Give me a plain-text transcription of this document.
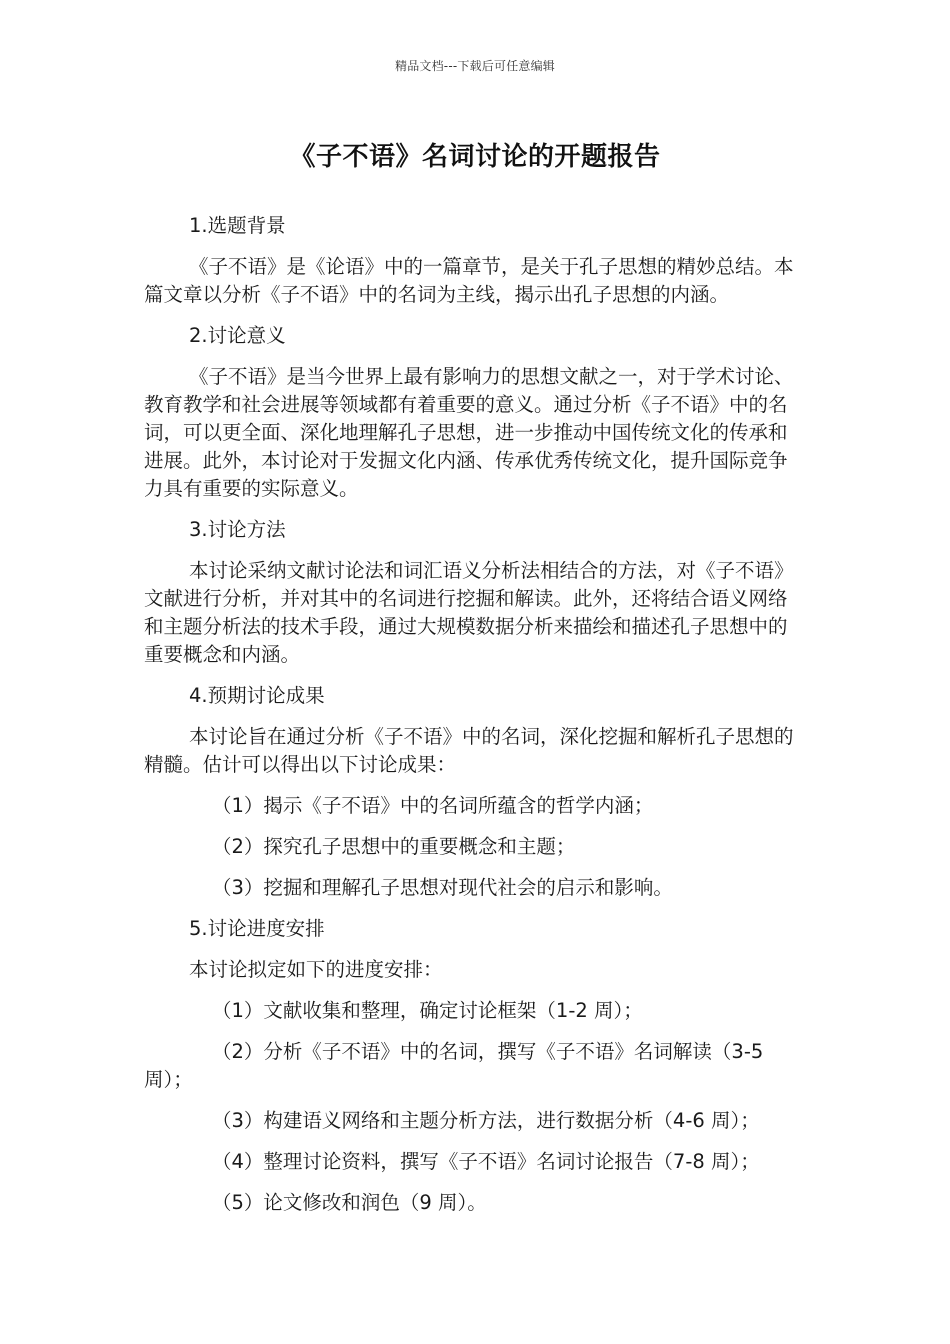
精品文档---下载后可任意编辑
《子不语》名词讨论的开题报告

1.选题背景

《子不语》是《论语》中的一篇章节，是关于孔子思想的精妙总结。本篇文章以分析《子不语》中的名词为主线，揭示出孔子思想的内涵。

2.讨论意义

《子不语》是当今世界上最有影响力的思想文献之一，对于学术讨论、教育教学和社会进展等领域都有着重要的意义。通过分析《子不语》中的名词，可以更全面、深化地理解孔子思想，进一步推动中国传统文化的传承和进展。此外，本讨论对于发掘文化内涵、传承优秀传统文化，提升国际竞争力具有重要的实际意义。

3.讨论方法

本讨论采纳文献讨论法和词汇语义分析法相结合的方法，对《子不语》文献进行分析，并对其中的名词进行挖掘和解读。此外，还将结合语义网络和主题分析法的技术手段，通过大规模数据分析来描绘和描述孔子思想中的重要概念和内涵。

4.预期讨论成果

本讨论旨在通过分析《子不语》中的名词，深化挖掘和解析孔子思想的精髓。估计可以得出以下讨论成果：

（1）揭示《子不语》中的名词所蕴含的哲学内涵；

（2）探究孔子思想中的重要概念和主题；

（3）挖掘和理解孔子思想对现代社会的启示和影响。

5.讨论进度安排

本讨论拟定如下的进度安排：

（1）文献收集和整理，确定讨论框架（1-2 周）；

（2）分析《子不语》中的名词，撰写《子不语》名词解读（3-5 周）；

（3）构建语义网络和主题分析方法，进行数据分析（4-6 周）；

（4）整理讨论资料，撰写《子不语》名词讨论报告（7-8 周）；

（5）论文修改和润色（9 周）。
